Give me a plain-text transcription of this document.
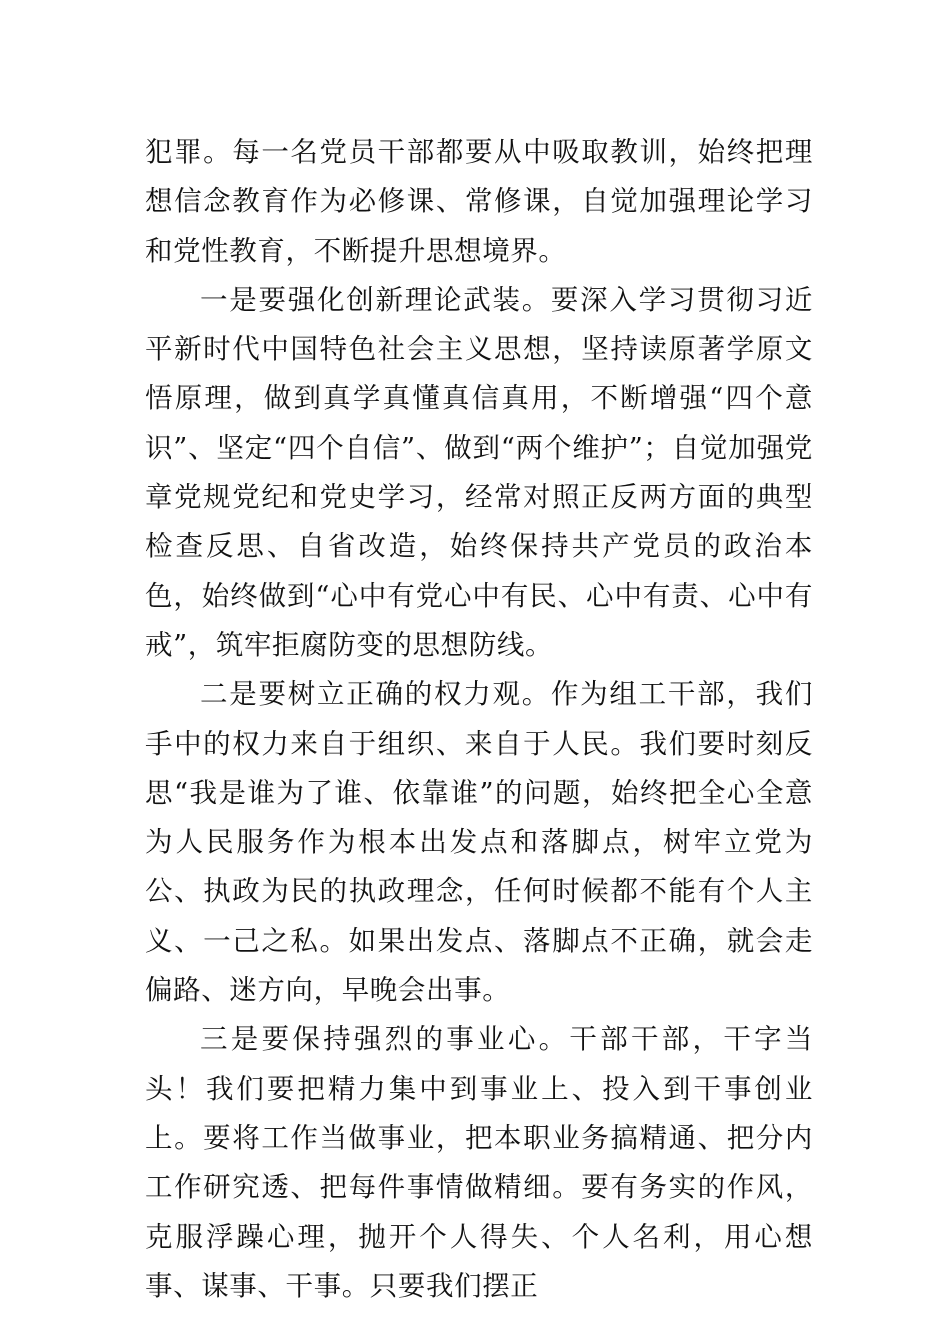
犯罪。每一名党员干部都要从中吸取教训，始终把理想信念教育作为必修课、常修课，自觉加强理论学习和党性教育，不断提升思想境界。

一是要强化创新理论武装。要深入学习贯彻习近平新时代中国特色社会主义思想，坚持读原著学原文悟原理，做到真学真懂真信真用，不断增强“四个意识”、坚定“四个自信”、做到“两个维护”；自觉加强党章党规党纪和党史学习，经常对照正反两方面的典型检查反思、自省改造，始终保持共产党员的政治本色，始终做到“心中有党心中有民、心中有责、心中有戒”，筑牢拒腐防变的思想防线。

二是要树立正确的权力观。作为组工干部，我们手中的权力来自于组织、来自于人民。我们要时刻反思“我是谁为了谁、依靠谁”的问题，始终把全心全意为人民服务作为根本出发点和落脚点，树牢立党为公、执政为民的执政理念，任何时候都不能有个人主义、一己之私。如果出发点、落脚点不正确，就会走偏路、迷方向，早晚会出事。

三是要保持强烈的事业心。干部干部，干字当头！我们要把精力集中到事业上、投入到干事创业上。要将工作当做事业，把本职业务搞精通、把分内工作研究透、把每件事情做精细。要有务实的作风，克服浮躁心理，抛开个人得失、个人名利，用心想事、谋事、干事。只要我们摆正
